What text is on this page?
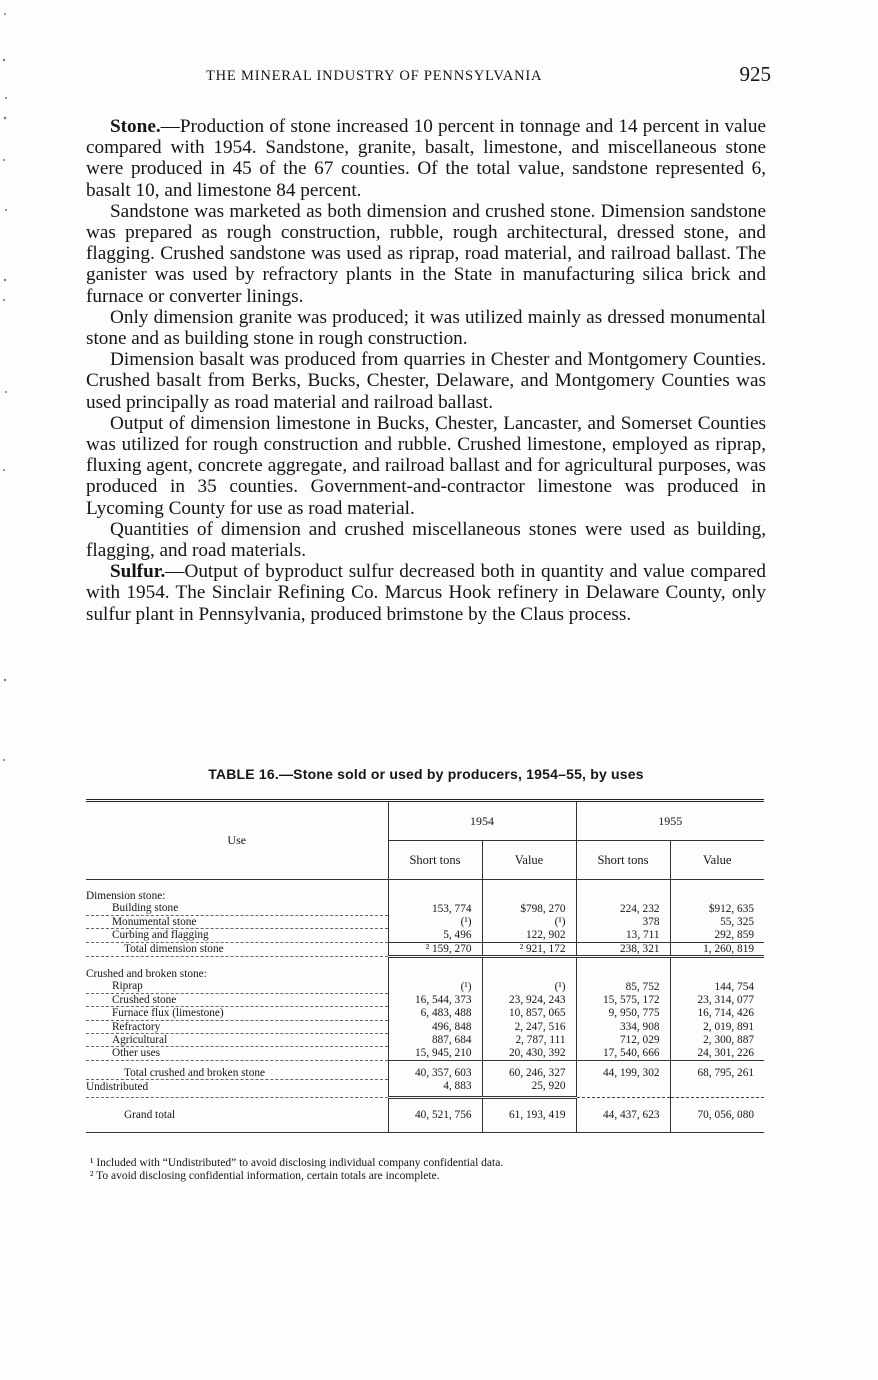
THE MINERAL INDUSTRY OF PENNSYLVANIA	925

Stone.—Production of stone increased 10 percent in tonnage and 14 percent in value compared with 1954. Sandstone, granite, basalt, limestone, and miscellaneous stone were produced in 45 of the 67 counties. Of the total value, sandstone represented 6, basalt 10, and limestone 84 percent.

Sandstone was marketed as both dimension and crushed stone. Dimension sandstone was prepared as rough construction, rubble, rough architectural, dressed stone, and flagging. Crushed sandstone was used as riprap, road material, and railroad ballast. The ganister was used by refractory plants in the State in manufacturing silica brick and furnace or converter linings.

Only dimension granite was produced; it was utilized mainly as dressed monumental stone and as building stone in rough construction.

Dimension basalt was produced from quarries in Chester and Montgomery Counties. Crushed basalt from Berks, Bucks, Chester, Delaware, and Montgomery Counties was used principally as road material and railroad ballast.

Output of dimension limestone in Bucks, Chester, Lancaster, and Somerset Counties was utilized for rough construction and rubble. Crushed limestone, employed as riprap, fluxing agent, concrete aggregate, and railroad ballast and for agricultural purposes, was produced in 35 counties. Government-and-contractor limestone was produced in Lycoming County for use as road material.

Quantities of dimension and crushed miscellaneous stones were used as building, flagging, and road materials.

Sulfur.—Output of byproduct sulfur decreased both in quantity and value compared with 1954. The Sinclair Refining Co. Marcus Hook refinery in Delaware County, only sulfur plant in Pennsylvania, produced brimstone by the Claus process.

TABLE 16.—Stone sold or used by producers, 1954–55, by uses
Use	1954		1955	
	Short tons	Value	Short tons	Value

Dimension stone:				
Building stone	153, 774	$798, 270	224, 232	$912, 635
Monumental stone	(¹)	(¹)	378	55, 325
Curbing and flagging	5, 496	122, 902	13, 711	292, 859
Total dimension stone	² 159, 270	² 921, 172	238, 321	1, 260, 819

Crushed and broken stone:				
Riprap	(¹)	(¹)	85, 752	144, 754
Crushed stone	16, 544, 373	23, 924, 243	15, 575, 172	23, 314, 077
Furnace flux (limestone)	6, 483, 488	10, 857, 065	9, 950, 775	16, 714, 426
Refractory	496, 848	2, 247, 516	334, 908	2, 019, 891
Agricultural	887, 684	2, 787, 111	712, 029	2, 300, 887
Other uses	15, 945, 210	20, 430, 392	17, 540, 666	24, 301, 226
Total crushed and broken stone	40, 357, 603	60, 246, 327	44, 199, 302	68, 795, 261
Undistributed	4, 883	25, 920		
Grand total	40, 521, 756	61, 193, 419	44, 437, 623	70, 056, 080

¹ Included with “Undistributed” to avoid disclosing individual company confidential data.

² To avoid disclosing confidential information, certain totals are incomplete.
